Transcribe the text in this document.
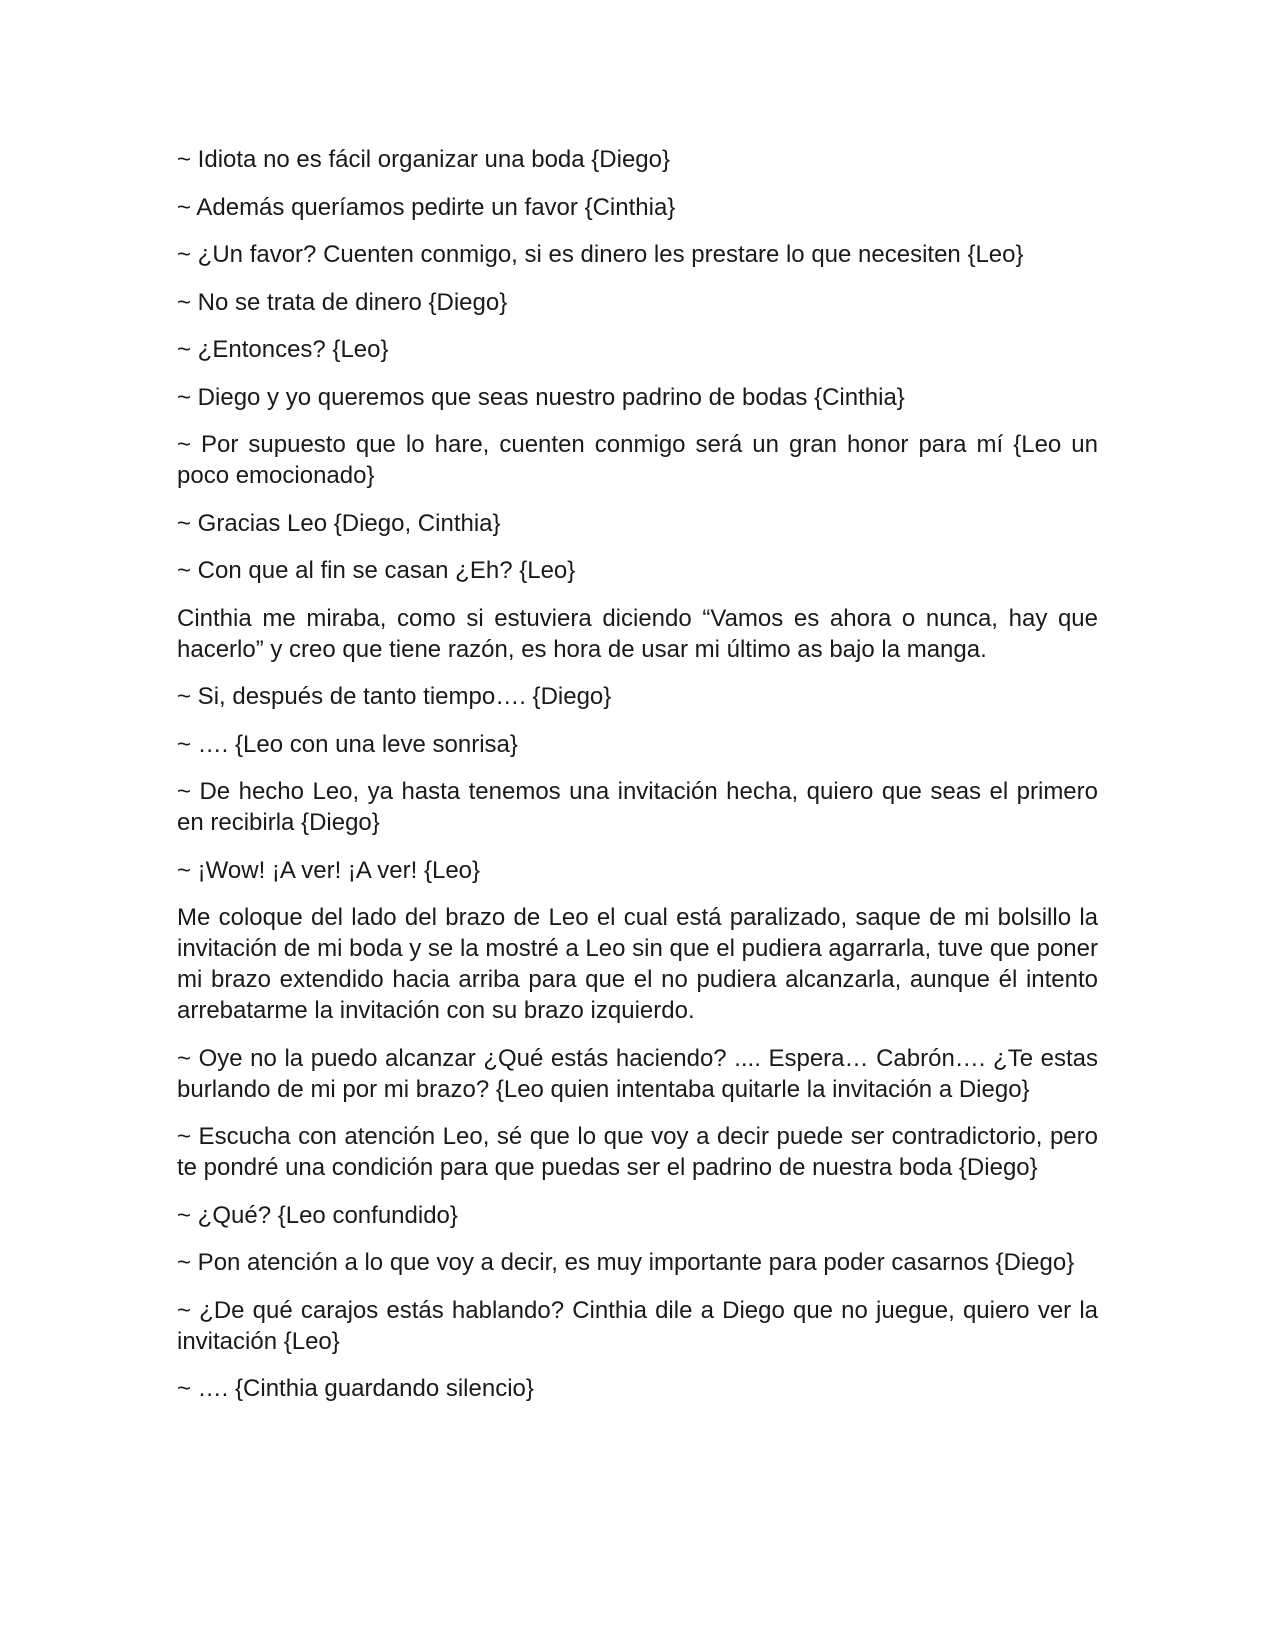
~ Idiota no es fácil organizar una boda {Diego}

~ Además queríamos pedirte un favor {Cinthia}

~ ¿Un favor? Cuenten conmigo, si es dinero les prestare lo que necesiten {Leo}

~ No se trata de dinero {Diego}

~ ¿Entonces? {Leo}

~ Diego y yo queremos que seas nuestro padrino de bodas {Cinthia}

~ Por supuesto que lo hare, cuenten conmigo será un gran honor para mí {Leo un poco emocionado}

~ Gracias Leo {Diego, Cinthia}

~ Con que al fin se casan ¿Eh? {Leo}

Cinthia me miraba, como si estuviera diciendo “Vamos es ahora o nunca, hay que hacerlo” y creo que tiene razón, es hora de usar mi último as bajo la manga.

~ Si, después de tanto tiempo…. {Diego}

~ …. {Leo con una leve sonrisa}

~ De hecho Leo, ya hasta tenemos una invitación hecha, quiero que seas el primero en recibirla {Diego}

~ ¡Wow! ¡A ver! ¡A ver! {Leo}

Me coloque del lado del brazo de Leo el cual está paralizado, saque de mi bolsillo la invitación de mi boda y se la mostré a Leo sin que el pudiera agarrarla, tuve que poner mi brazo extendido hacia arriba para que el no pudiera alcanzarla, aunque él intento arrebatarme la invitación con su brazo izquierdo.

~ Oye no la puedo alcanzar ¿Qué estás haciendo? .... Espera… Cabrón…. ¿Te estas burlando de mi por mi brazo? {Leo quien intentaba quitarle la invitación a Diego}

~ Escucha con atención Leo, sé que lo que voy a decir puede ser contradictorio, pero te pondré una condición para que puedas ser el padrino de nuestra boda {Diego}

~ ¿Qué? {Leo confundido}

~ Pon atención a lo que voy a decir, es muy importante para poder casarnos {Diego}

~ ¿De qué carajos estás hablando? Cinthia dile a Diego que no juegue, quiero ver la invitación {Leo}

~ …. {Cinthia guardando silencio}
